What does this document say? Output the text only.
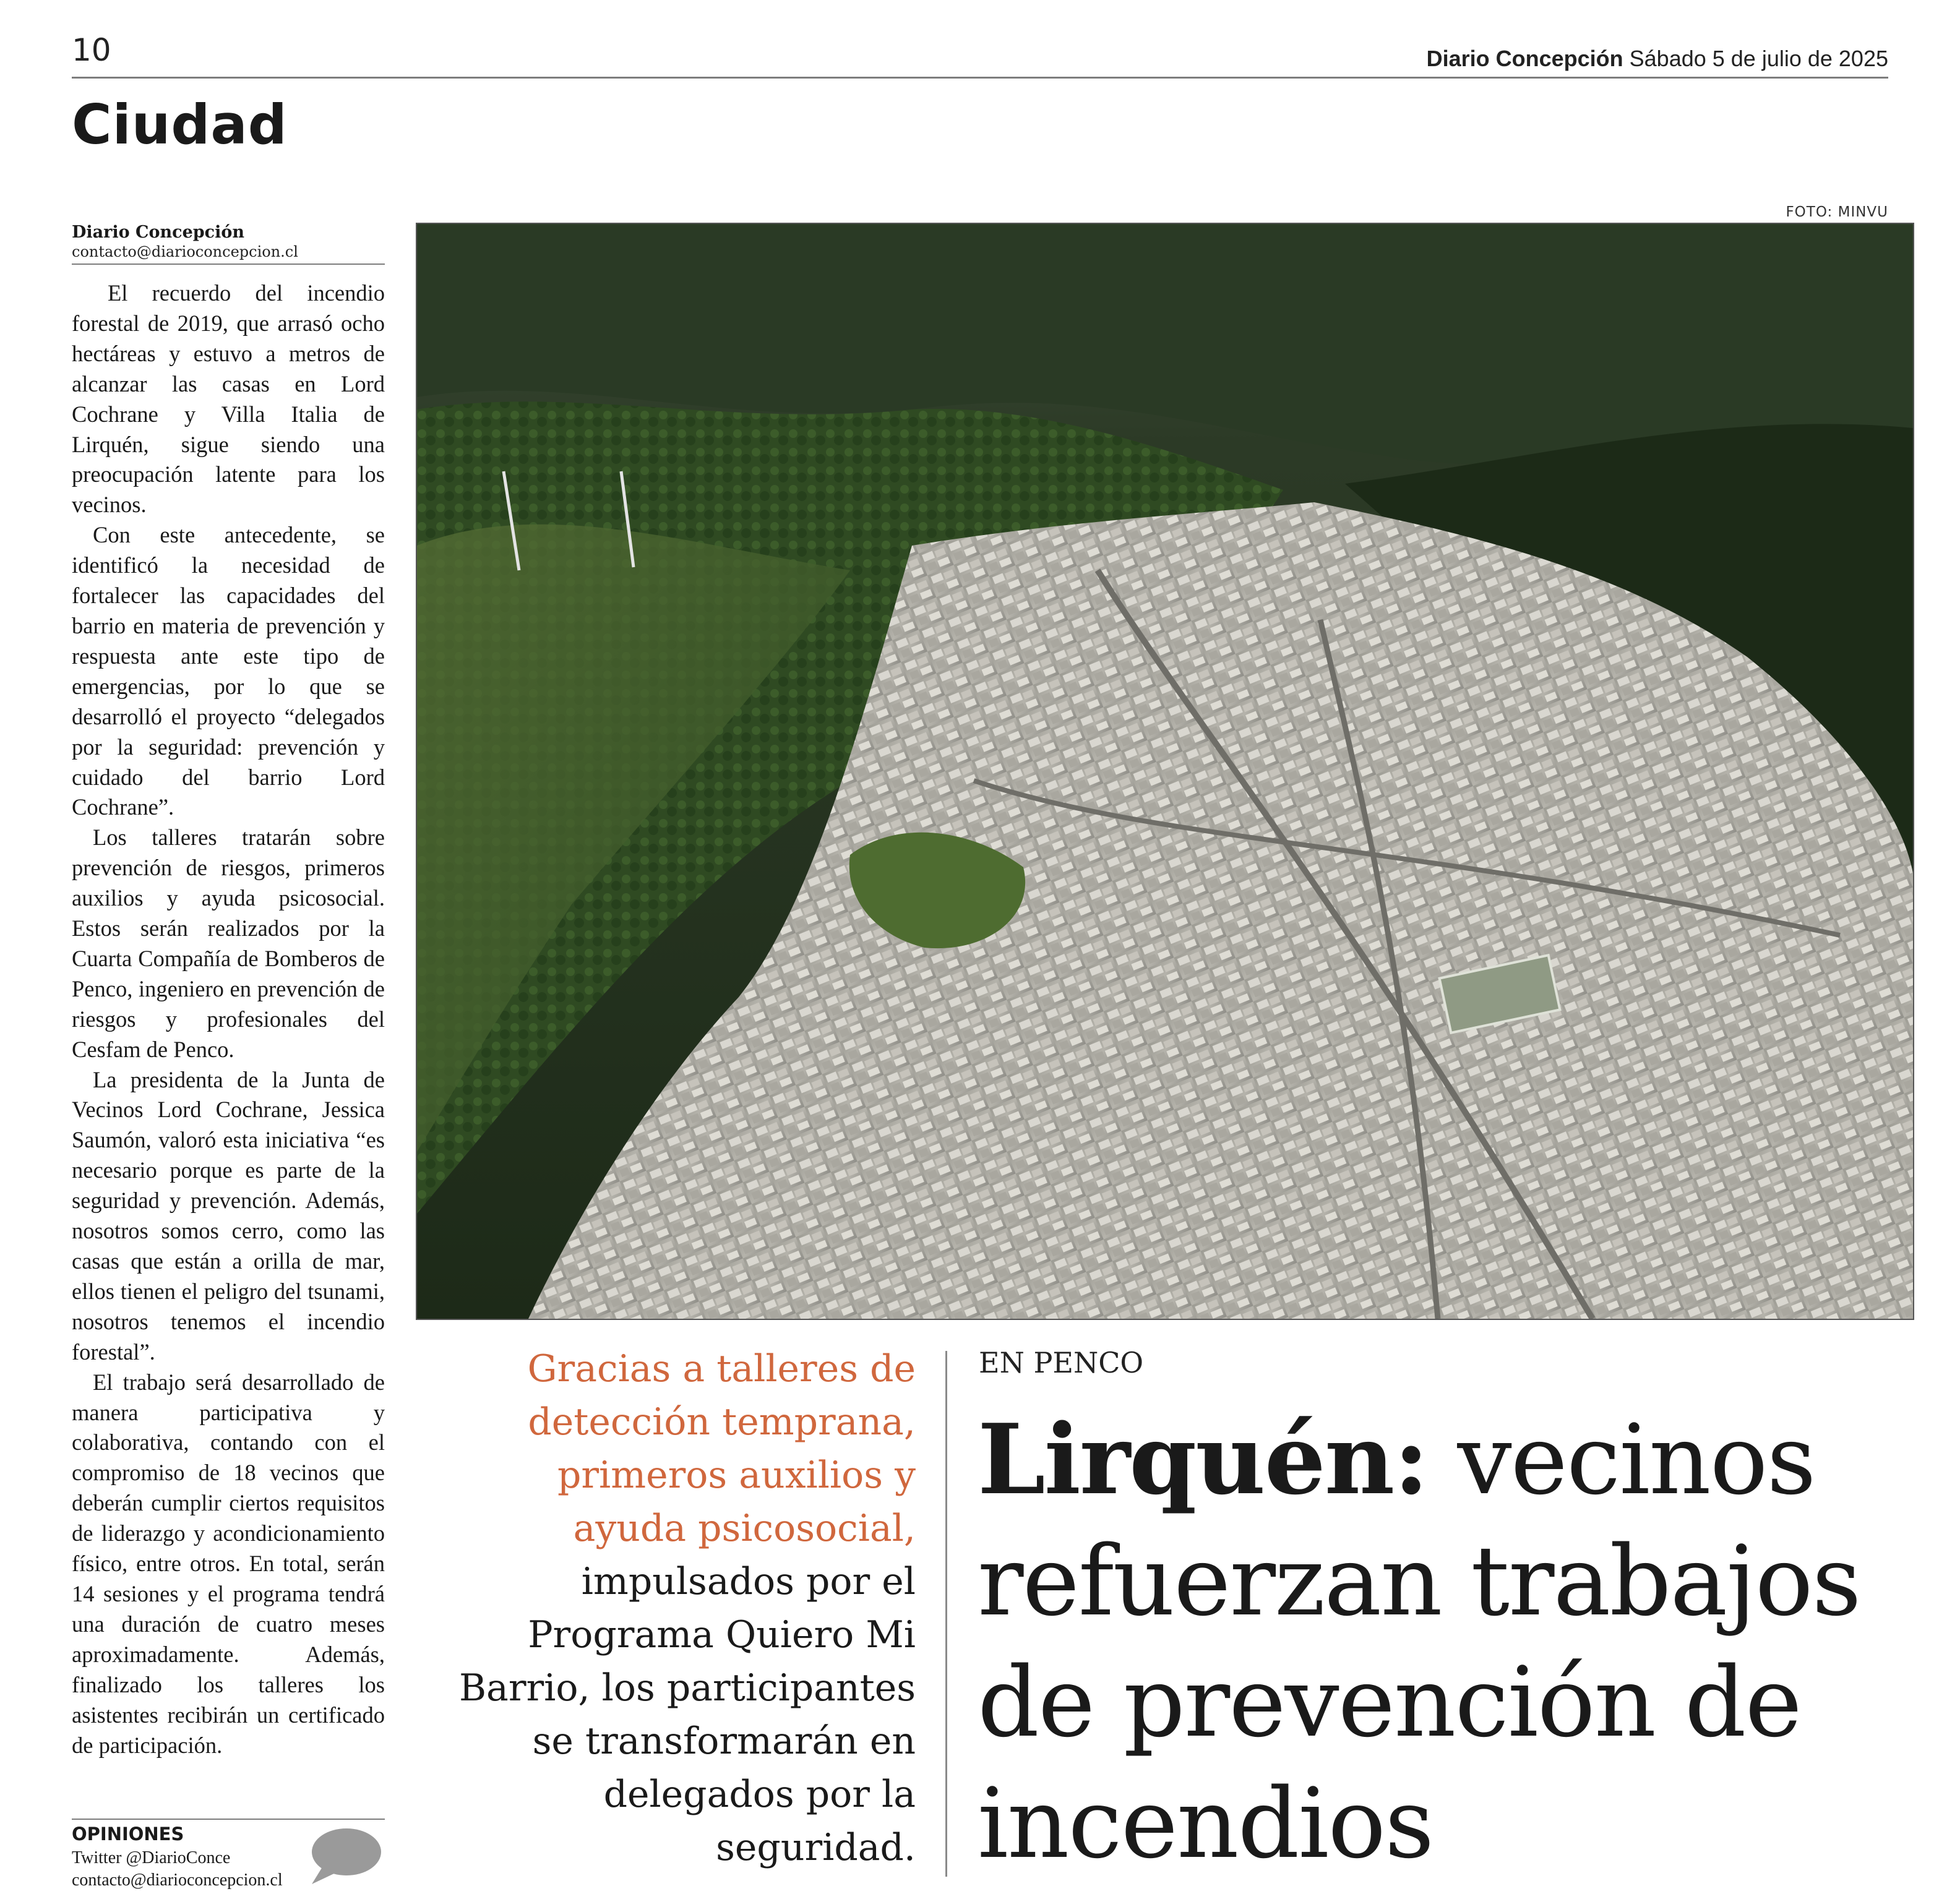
10	Diario Concepción Sábado 5 de julio de 2025
Ciudad
Diario Concepción
contacto@diarioconcepcion.cl

El recuerdo del incendio forestal de 2019, que arrasó ocho hectáreas y estuvo a metros de alcanzar las casas en Lord Cochrane y Villa Italia de Lirquén, sigue siendo una preocupación latente para los vecinos.

Con este antecedente, se identificó la necesidad de fortalecer las capacidades del barrio en materia de prevención y respuesta ante este tipo de emergencias, por lo que se desarrolló el proyecto “delegados por la seguridad: prevención y cuidado del barrio Lord Cochrane”.

Los talleres tratarán sobre prevención de riesgos, primeros auxilios y ayuda psicosocial. Estos serán realizados por la Cuarta Compañía de Bomberos de Penco, ingeniero en prevención de riesgos y profesionales del Cesfam de Penco.

La presidenta de la Junta de Vecinos Lord Cochrane, Jessica Saumón, valoró esta iniciativa “es necesario porque es parte de la seguridad y prevención. Además, nosotros somos cerro, como las casas que están a orilla de mar, ellos tienen el peligro del tsunami, nosotros tenemos el incendio forestal”.

El trabajo será desarrollado de manera participativa y colaborativa, contando con el compromiso de 18 vecinos que deberán cumplir ciertos requisitos de liderazgo y acondicionamiento físico, entre otros. En total, serán 14 sesiones y el programa tendrá una duración de cuatro meses aproximadamente. Además, finalizado los talleres los asistentes recibirán un certificado de participación.

OPINIONES
Twitter @DiarioConce
contacto@diarioconcepcion.cl
FOTO: MINVU
Gracias a talleres de detección temprana, primeros auxilios y ayuda psicosocial, impulsados por el Programa Quiero Mi Barrio, los participantes se transformarán en delegados por la seguridad.
EN PENCO
Lirquén: vecinos refuerzan trabajos de prevención de incendios
